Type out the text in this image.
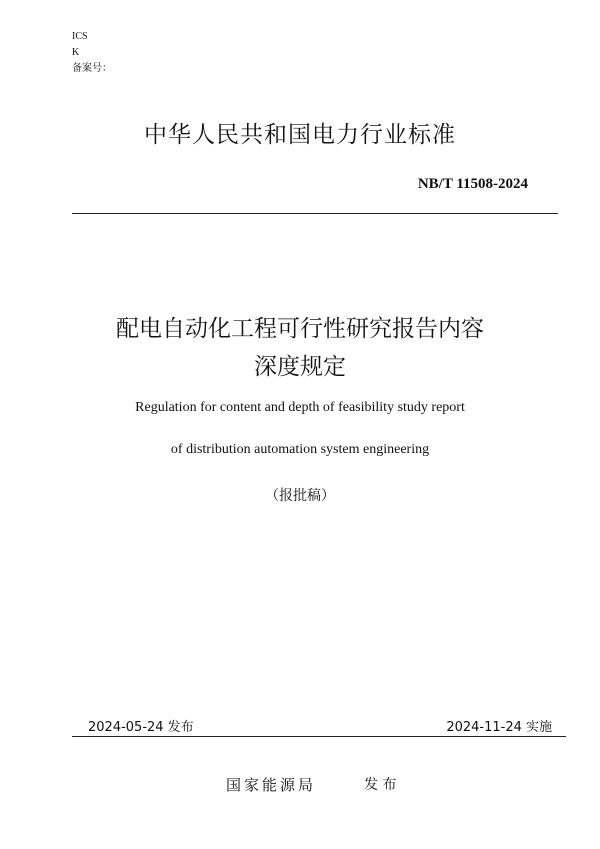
ICS
K
备案号：
中华人民共和国电力行业标准
NB/T 11508-2024
配电自动化工程可行性研究报告内容
深度规定
Regulation for content and depth of feasibility study report
of distribution automation system engineering
（报批稿）
2024-05-24 发布	2024-11-24 实施
国家能源局	发 布
